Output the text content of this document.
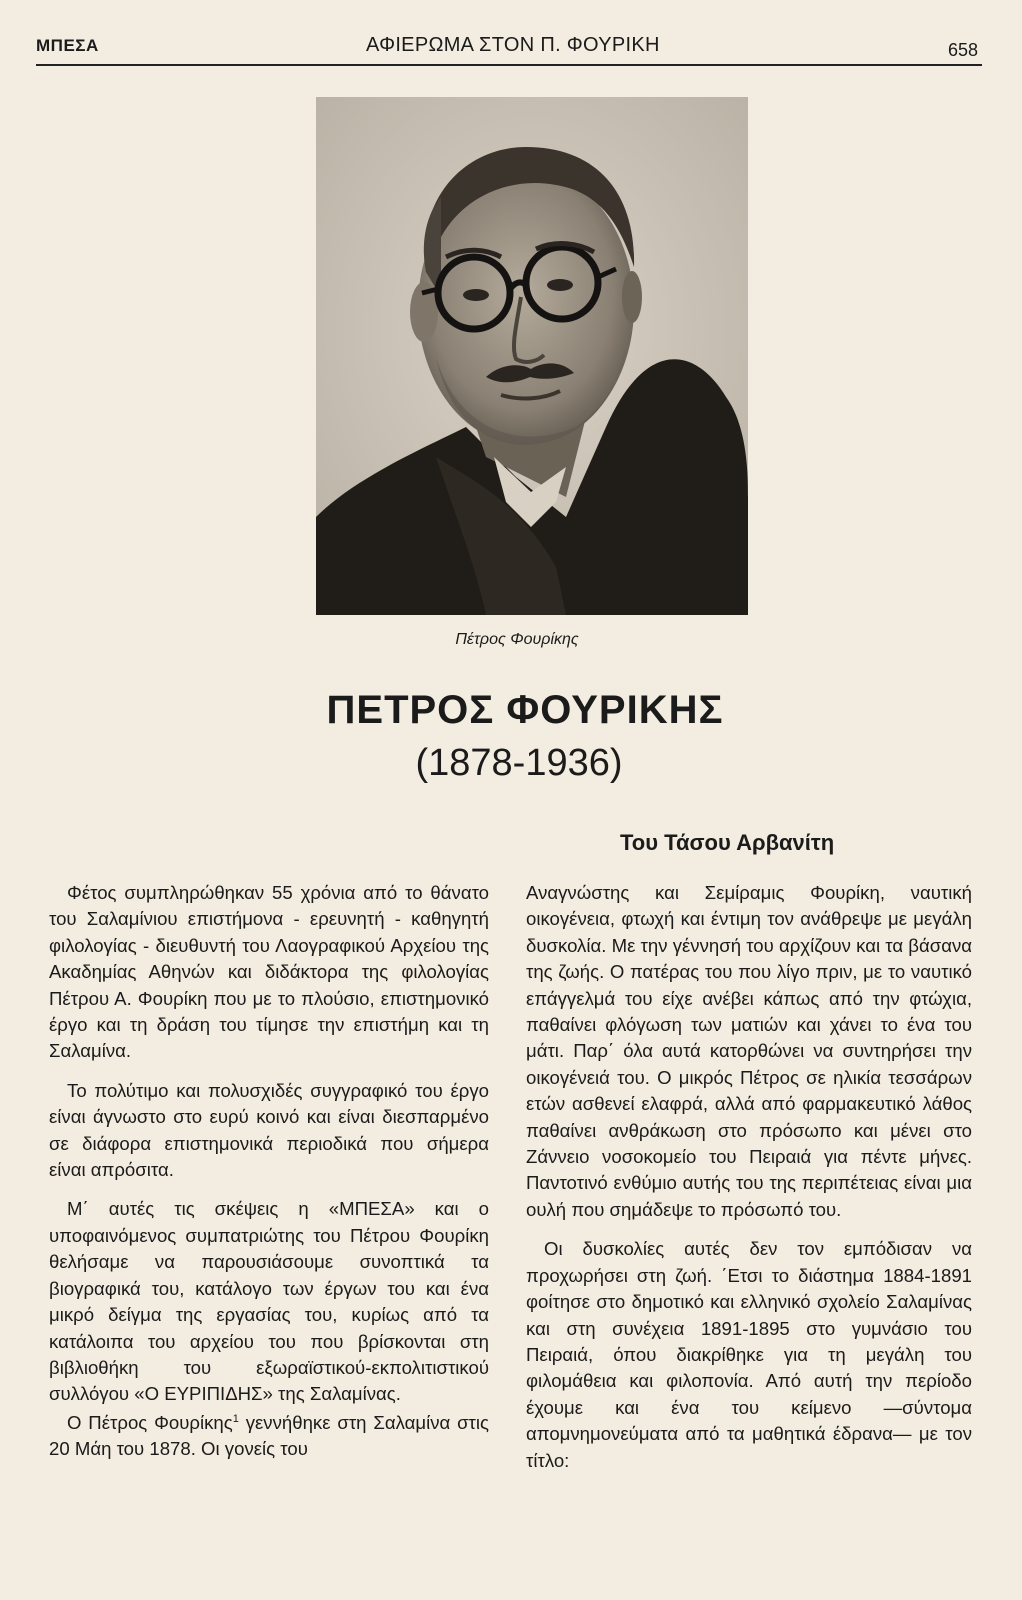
ΜΠΕΣΑ	ΑΦΙΕΡΩΜΑ ΣΤΟΝ Π. ΦΟΥΡΙΚΗ	658
Πέτρος Φουρίκης
ΠΕΤΡΟΣ ΦΟΥΡΙΚΗΣ
(1878-1936)
Του Τάσου Αρβανίτη

Φέτος συμπληρώθηκαν 55 χρόνια από το θάνατο του Σαλαμίνιου επιστήμονα - ερευνητή - καθηγητή φιλολογίας - διευθυντή του Λαογραφικού Αρχείου της Ακαδημίας Αθηνών και διδάκτορα της φιλολογίας Πέτρου Α. Φουρίκη που με το πλούσιο, επιστημονικό έργο και τη δράση του τίμησε την επιστήμη και τη Σαλαμίνα.

Το πολύτιμο και πολυσχιδές συγγραφικό του έργο είναι άγνωστο στο ευρύ κοινό και είναι διεσπαρμένο σε διάφορα επιστημονικά περιοδικά που σήμερα είναι απρόσιτα.

Μ΄ αυτές τις σκέψεις η «ΜΠΕΣΑ» και ο υποφαινόμενος συμπατριώτης του Πέτρου Φουρίκη θελήσαμε να παρουσιάσουμε συνοπτικά τα βιογραφικά του, κατάλογο των έργων του και ένα μικρό δείγμα της εργασίας του, κυρίως από τα κατάλοιπα του αρχείου του που βρίσκονται στη βιβλιοθήκη του εξωραϊστικού-εκπολιτιστικού συλλόγου «Ο ΕΥΡΙΠΙΔΗΣ» της Σαλαμίνας.

Ο Πέτρος Φουρίκης$^1$ γεννήθηκε στη Σαλαμίνα στις 20 Μάη του 1878. Οι γονείς του

Αναγνώστης και Σεμίραμις Φουρίκη, ναυτική οικογένεια, φτωχή και έντιμη τον ανάθρεψε με μεγάλη δυσκολία. Με την γέννησή του αρχίζουν και τα βάσανα της ζωής. Ο πατέρας του που λίγο πριν, με το ναυτικό επάγγελμά του είχε ανέβει κάπως από την φτώχια, παθαίνει φλόγωση των ματιών και χάνει το ένα του μάτι. Παρ΄ όλα αυτά κατορθώνει να συντηρήσει την οικογένειά του. Ο μικρός Πέτρος σε ηλικία τεσσάρων ετών ασθενεί ελαφρά, αλλά από φαρμακευτικό λάθος παθαίνει ανθράκωση στο πρόσωπο και μένει στο Ζάννειο νοσοκομείο του Πειραιά για πέντε μήνες. Παντοτινό ενθύμιο αυτής του της περιπέτειας είναι μια ουλή που σημάδεψε το πρόσωπό του.

Οι δυσκολίες αυτές δεν τον εμπόδισαν να προχωρήσει στη ζωή. ΄Ετσι το διάστημα 1884-1891 φοίτησε στο δημοτικό και ελληνικό σχολείο Σαλαμίνας και στη συνέχεια 1891-1895 στο γυμνάσιο του Πειραιά, όπου διακρίθηκε για τη μεγάλη του φιλομάθεια και φιλοπονία. Από αυτή την περίοδο έχουμε και ένα του κείμενο —σύντομα απομνημονεύματα από τα μαθητικά έδρανα— με τον τίτλο:
